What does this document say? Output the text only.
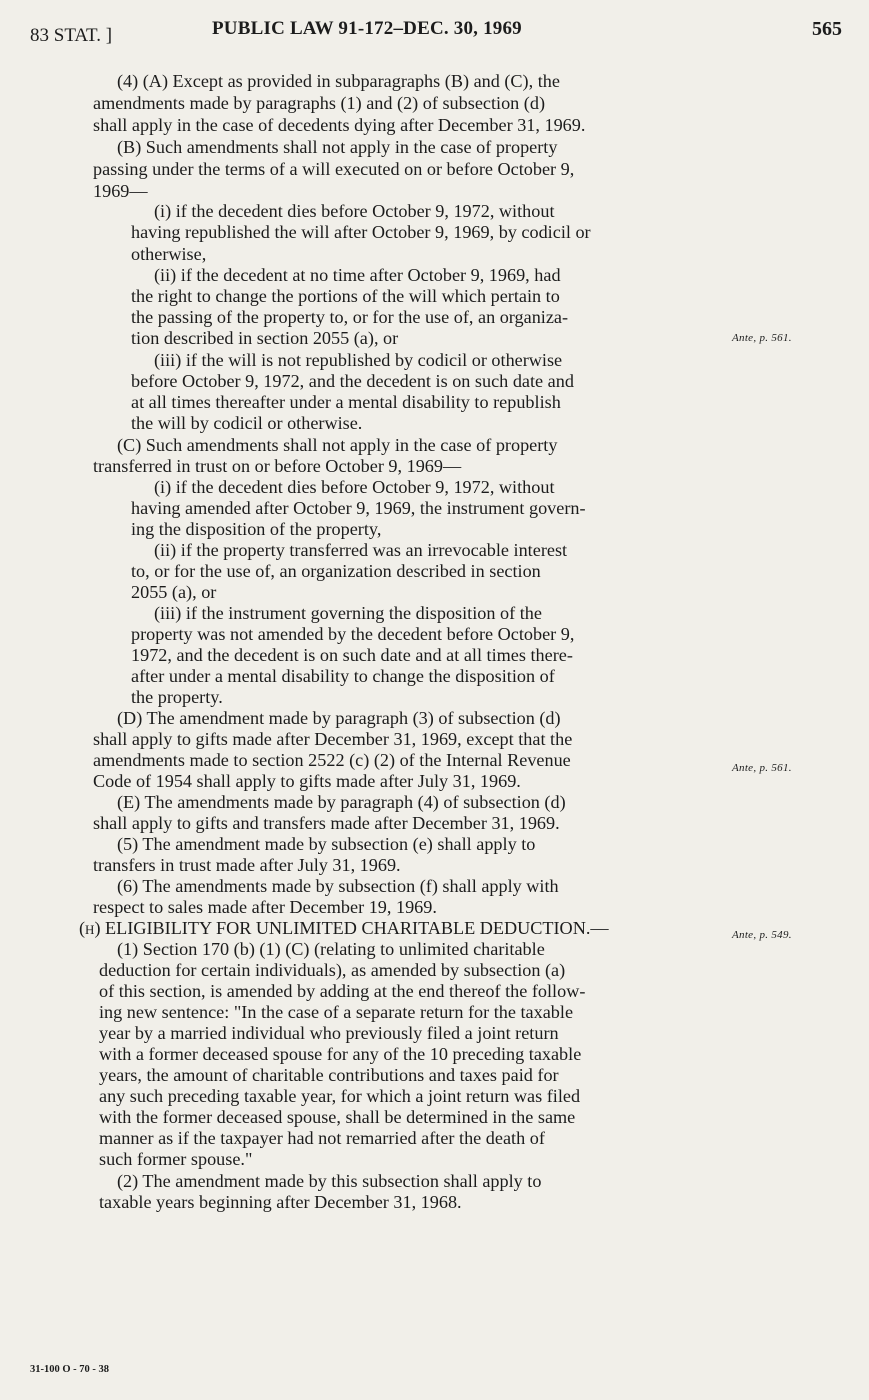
83 STAT. ]	PUBLIC LAW 91-172–DEC. 30, 1969	565
(4) (A) Except as provided in subparagraphs (B) and (C), the
amendments made by paragraphs (1) and (2) of subsection (d)
shall apply in the case of decedents dying after December 31, 1969.
(B) Such amendments shall not apply in the case of property
passing under the terms of a will executed on or before October 9,
1969—
(i) if the decedent dies before October 9, 1972, without
having republished the will after October 9, 1969, by codicil or
otherwise,
(ii) if the decedent at no time after October 9, 1969, had
the right to change the portions of the will which pertain to
the passing of the property to, or for the use of, an organiza-
tion described in section 2055 (a), or
(iii) if the will is not republished by codicil or otherwise
before October 9, 1972, and the decedent is on such date and
at all times thereafter under a mental disability to republish
the will by codicil or otherwise.
(C) Such amendments shall not apply in the case of property
transferred in trust on or before October 9, 1969—
(i) if the decedent dies before October 9, 1972, without
having amended after October 9, 1969, the instrument govern-
ing the disposition of the property,
(ii) if the property transferred was an irrevocable interest
to, or for the use of, an organization described in section
2055 (a), or
(iii) if the instrument governing the disposition of the
property was not amended by the decedent before October 9,
1972, and the decedent is on such date and at all times there-
after under a mental disability to change the disposition of
the property.
(D) The amendment made by paragraph (3) of subsection (d)
shall apply to gifts made after December 31, 1969, except that the
amendments made to section 2522 (c) (2) of the Internal Revenue
Code of 1954 shall apply to gifts made after July 31, 1969.
(E) The amendments made by paragraph (4) of subsection (d)
shall apply to gifts and transfers made after December 31, 1969.
(5) The amendment made by subsection (e) shall apply to
transfers in trust made after July 31, 1969.
(6) The amendments made by subsection (f) shall apply with
respect to sales made after December 19, 1969.
(h) ELIGIBILITY FOR UNLIMITED CHARITABLE DEDUCTION.—
(1) Section 170 (b) (1) (C) (relating to unlimited charitable
deduction for certain individuals), as amended by subsection (a)
of this section, is amended by adding at the end thereof the follow-
ing new sentence: "In the case of a separate return for the taxable
year by a married individual who previously filed a joint return
with a former deceased spouse for any of the 10 preceding taxable
years, the amount of charitable contributions and taxes paid for
any such preceding taxable year, for which a joint return was filed
with the former deceased spouse, shall be determined in the same
manner as if the taxpayer had not remarried after the death of
such former spouse."
(2) The amendment made by this subsection shall apply to
taxable years beginning after December 31, 1968.
Ante, p. 561.
Ante, p. 561.
Ante, p. 549.
31-100 O - 70 - 38
